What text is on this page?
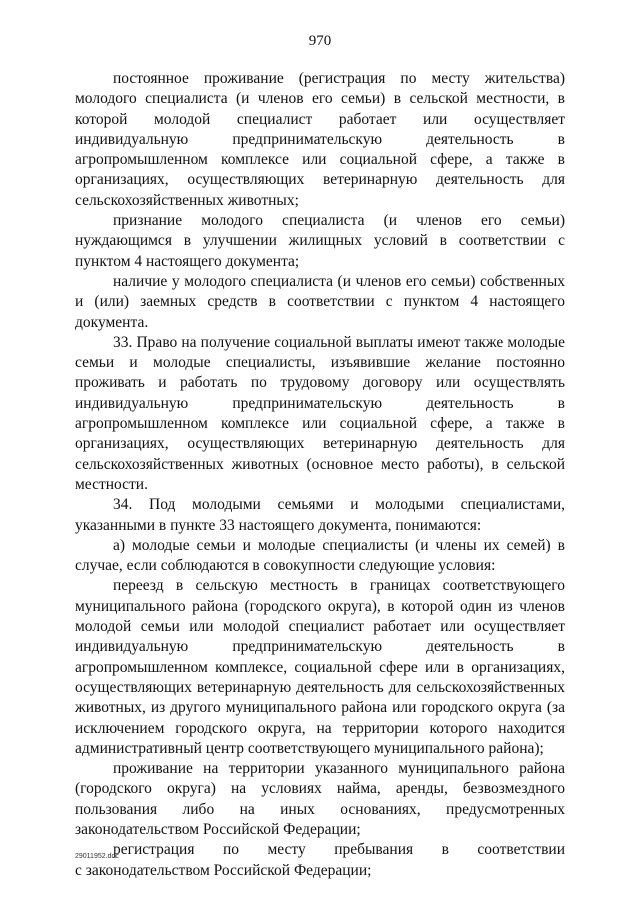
970

постоянное проживание (регистрация по месту жительства) молодого специалиста (и членов его семьи) в сельской местности, в которой молодой специалист работает или осуществляет индивидуальную предпринимательскую деятельность в агропромышленном комплексе или социальной сфере, а также в организациях, осуществляющих ветеринарную деятельность для сельскохозяйственных животных;

признание молодого специалиста (и членов его семьи) нуждающимся в улучшении жилищных условий в соответствии с пунктом 4 настоящего документа;

наличие у молодого специалиста (и членов его семьи) собственных и (или) заемных средств в соответствии с пунктом 4 настоящего документа.

33. Право на получение социальной выплаты имеют также молодые семьи и молодые специалисты, изъявившие желание постоянно проживать и работать по трудовому договору или осуществлять индивидуальную предпринимательскую деятельность в агропромышленном комплексе или социальной сфере, а также в организациях, осуществляющих ветеринарную деятельность для сельскохозяйственных животных (основное место работы), в сельской местности.

34. Под молодыми семьями и молодыми специалистами, указанными в пункте 33 настоящего документа, понимаются:

а) молодые семьи и молодые специалисты (и члены их семей) в случае, если соблюдаются в совокупности следующие условия:

переезд в сельскую местность в границах соответствующего муниципального района (городского округа), в которой один из членов молодой семьи или молодой специалист работает или осуществляет индивидуальную предпринимательскую деятельность в агропромышленном комплексе, социальной сфере или в организациях, осуществляющих ветеринарную деятельность для сельскохозяйственных животных, из другого муниципального района или городского округа (за исключением городского округа, на территории которого находится административный центр соответствующего муниципального района);

проживание на территории указанного муниципального района (городского округа) на условиях найма, аренды, безвозмездного пользования либо на иных основаниях, предусмотренных законодательством Российской Федерации;

регистрация по месту пребывания в соответствии

с законодательством Российской Федерации;

29011952.doc
